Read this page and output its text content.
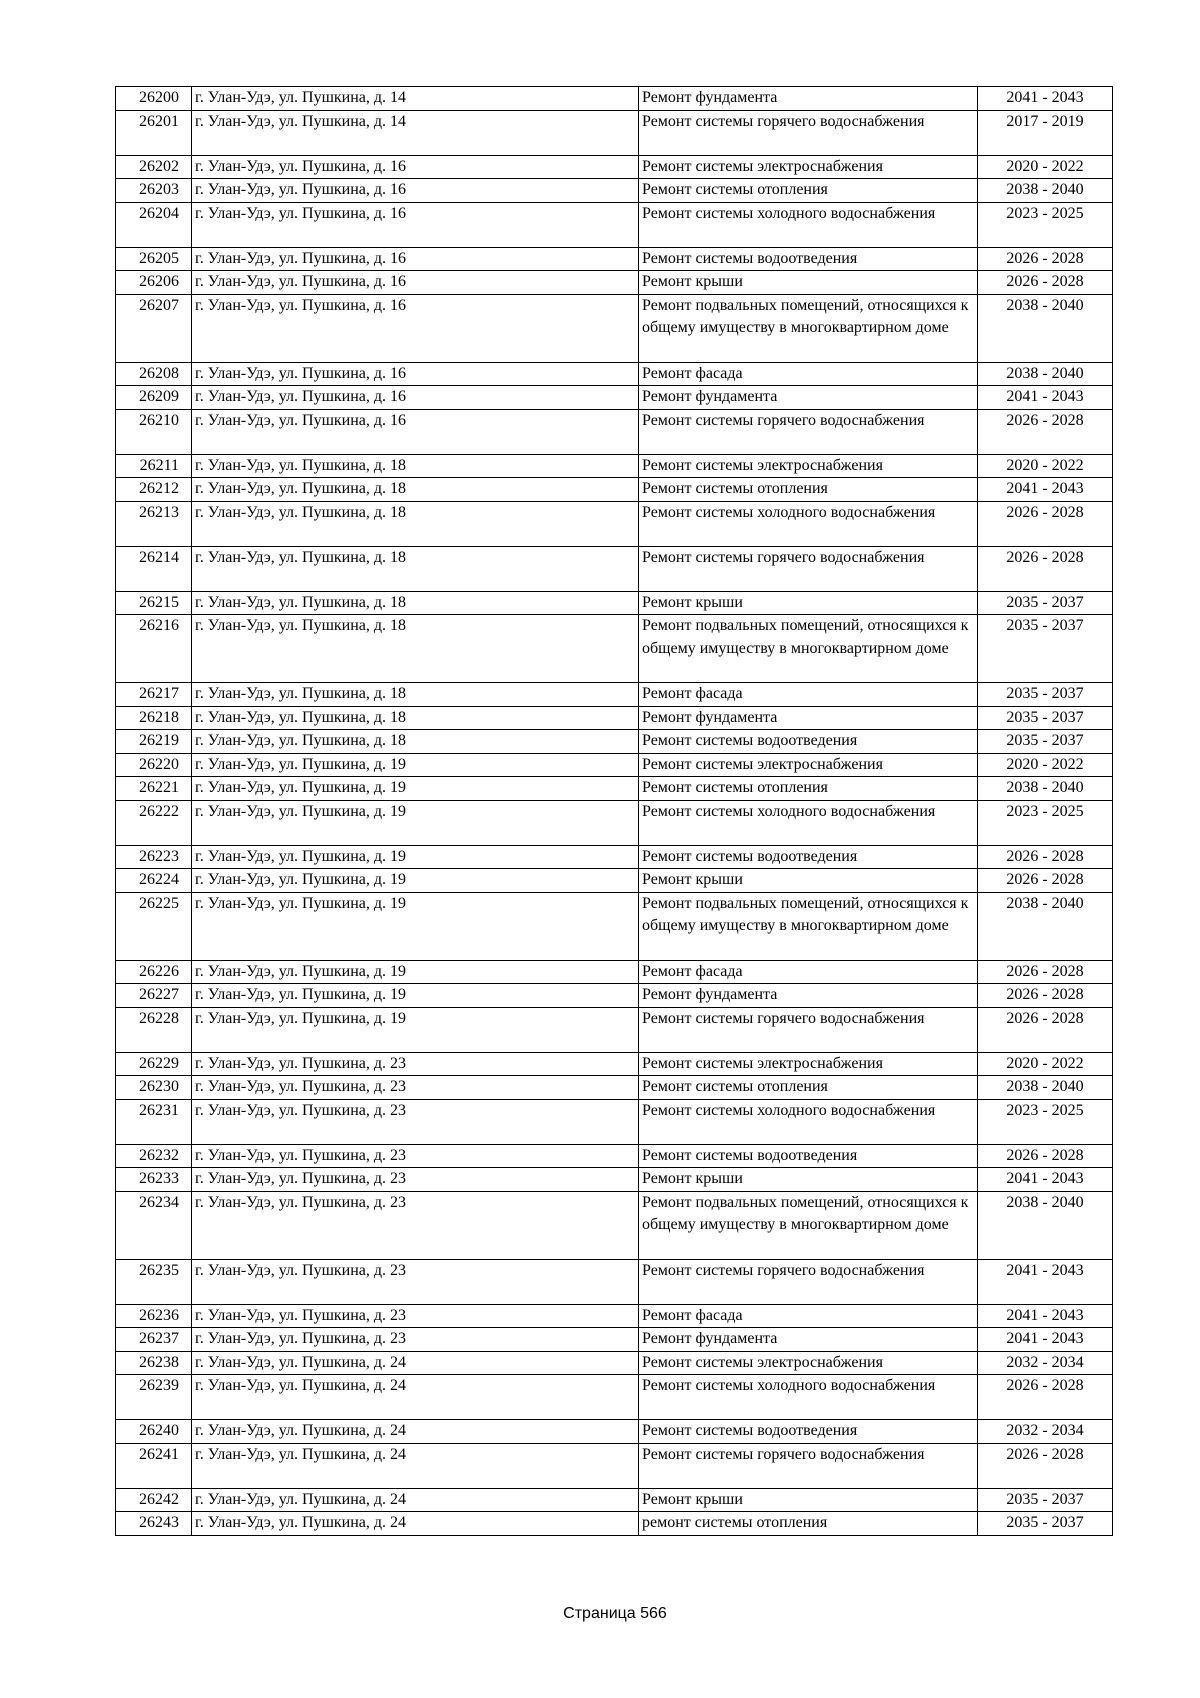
26200	г. Улан-Удэ, ул. Пушкина, д. 14	Ремонт фундамента	2041 - 2043
26201	г. Улан-Удэ, ул. Пушкина, д. 14	Ремонт системы горячего водоснабжения	2017 - 2019
26202	г. Улан-Удэ, ул. Пушкина, д. 16	Ремонт системы электроснабжения	2020 - 2022
26203	г. Улан-Удэ, ул. Пушкина, д. 16	Ремонт системы отопления	2038 - 2040
26204	г. Улан-Удэ, ул. Пушкина, д. 16	Ремонт системы холодного водоснабжения	2023 - 2025
26205	г. Улан-Удэ, ул. Пушкина, д. 16	Ремонт системы водоотведения	2026 - 2028
26206	г. Улан-Удэ, ул. Пушкина, д. 16	Ремонт крыши	2026 - 2028
26207	г. Улан-Удэ, ул. Пушкина, д. 16	Ремонт подвальных помещений, относящихся к общему имуществу в многоквартирном доме	2038 - 2040
26208	г. Улан-Удэ, ул. Пушкина, д. 16	Ремонт фасада	2038 - 2040
26209	г. Улан-Удэ, ул. Пушкина, д. 16	Ремонт фундамента	2041 - 2043
26210	г. Улан-Удэ, ул. Пушкина, д. 16	Ремонт системы горячего водоснабжения	2026 - 2028
26211	г. Улан-Удэ, ул. Пушкина, д. 18	Ремонт системы электроснабжения	2020 - 2022
26212	г. Улан-Удэ, ул. Пушкина, д. 18	Ремонт системы отопления	2041 - 2043
26213	г. Улан-Удэ, ул. Пушкина, д. 18	Ремонт системы холодного водоснабжения	2026 - 2028
26214	г. Улан-Удэ, ул. Пушкина, д. 18	Ремонт системы горячего водоснабжения	2026 - 2028
26215	г. Улан-Удэ, ул. Пушкина, д. 18	Ремонт крыши	2035 - 2037
26216	г. Улан-Удэ, ул. Пушкина, д. 18	Ремонт подвальных помещений, относящихся к общему имуществу в многоквартирном доме	2035 - 2037
26217	г. Улан-Удэ, ул. Пушкина, д. 18	Ремонт фасада	2035 - 2037
26218	г. Улан-Удэ, ул. Пушкина, д. 18	Ремонт фундамента	2035 - 2037
26219	г. Улан-Удэ, ул. Пушкина, д. 18	Ремонт системы водоотведения	2035 - 2037
26220	г. Улан-Удэ, ул. Пушкина, д. 19	Ремонт системы электроснабжения	2020 - 2022
26221	г. Улан-Удэ, ул. Пушкина, д. 19	Ремонт системы отопления	2038 - 2040
26222	г. Улан-Удэ, ул. Пушкина, д. 19	Ремонт системы холодного водоснабжения	2023 - 2025
26223	г. Улан-Удэ, ул. Пушкина, д. 19	Ремонт системы водоотведения	2026 - 2028
26224	г. Улан-Удэ, ул. Пушкина, д. 19	Ремонт крыши	2026 - 2028
26225	г. Улан-Удэ, ул. Пушкина, д. 19	Ремонт подвальных помещений, относящихся к общему имуществу в многоквартирном доме	2038 - 2040
26226	г. Улан-Удэ, ул. Пушкина, д. 19	Ремонт фасада	2026 - 2028
26227	г. Улан-Удэ, ул. Пушкина, д. 19	Ремонт фундамента	2026 - 2028
26228	г. Улан-Удэ, ул. Пушкина, д. 19	Ремонт системы горячего водоснабжения	2026 - 2028
26229	г. Улан-Удэ, ул. Пушкина, д. 23	Ремонт системы электроснабжения	2020 - 2022
26230	г. Улан-Удэ, ул. Пушкина, д. 23	Ремонт системы отопления	2038 - 2040
26231	г. Улан-Удэ, ул. Пушкина, д. 23	Ремонт системы холодного водоснабжения	2023 - 2025
26232	г. Улан-Удэ, ул. Пушкина, д. 23	Ремонт системы водоотведения	2026 - 2028
26233	г. Улан-Удэ, ул. Пушкина, д. 23	Ремонт крыши	2041 - 2043
26234	г. Улан-Удэ, ул. Пушкина, д. 23	Ремонт подвальных помещений, относящихся к общему имуществу в многоквартирном доме	2038 - 2040
26235	г. Улан-Удэ, ул. Пушкина, д. 23	Ремонт системы горячего водоснабжения	2041 - 2043
26236	г. Улан-Удэ, ул. Пушкина, д. 23	Ремонт фасада	2041 - 2043
26237	г. Улан-Удэ, ул. Пушкина, д. 23	Ремонт фундамента	2041 - 2043
26238	г. Улан-Удэ, ул. Пушкина, д. 24	Ремонт системы электроснабжения	2032 - 2034
26239	г. Улан-Удэ, ул. Пушкина, д. 24	Ремонт системы холодного водоснабжения	2026 - 2028
26240	г. Улан-Удэ, ул. Пушкина, д. 24	Ремонт системы водоотведения	2032 - 2034
26241	г. Улан-Удэ, ул. Пушкина, д. 24	Ремонт системы горячего водоснабжения	2026 - 2028
26242	г. Улан-Удэ, ул. Пушкина, д. 24	Ремонт крыши	2035 - 2037
26243	г. Улан-Удэ, ул. Пушкина, д. 24	ремонт системы отопления	2035 - 2037
Страница 566
